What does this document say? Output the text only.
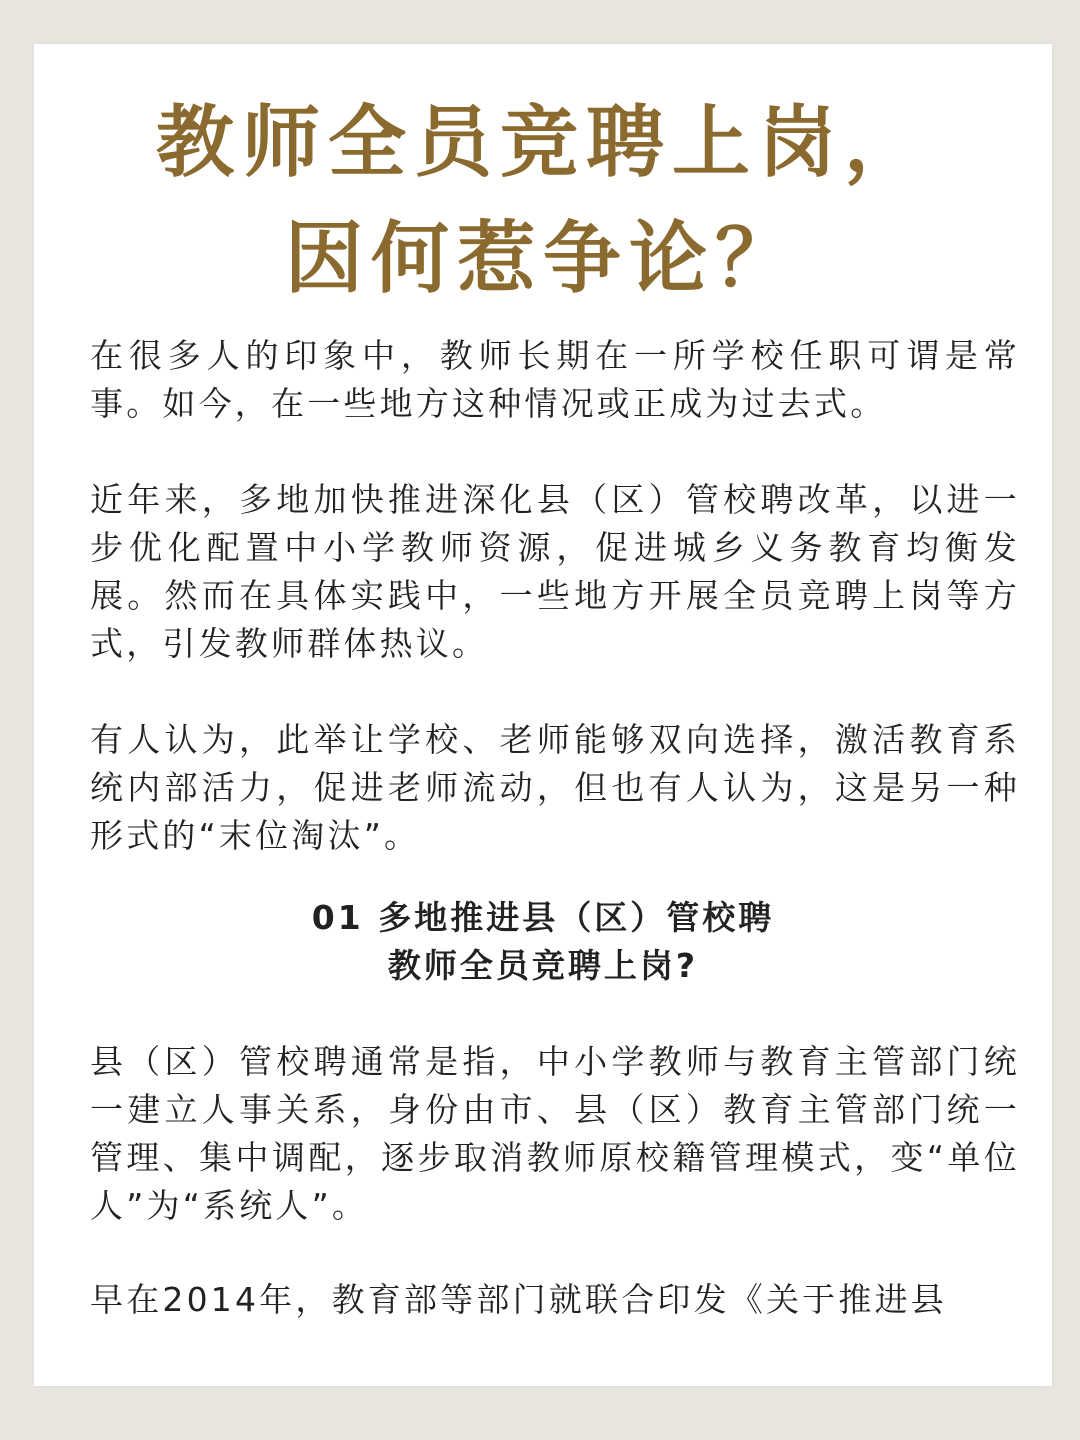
教师全员竞聘上岗，
因何惹争论？

在很多人的印象中，教师长期在一所学校任职可谓是常事。如今，在一些地方这种情况或正成为过去式。

近年来，多地加快推进深化县（区）管校聘改革，以进一步优化配置中小学教师资源，促进城乡义务教育均衡发展。然而在具体实践中，一些地方开展全员竞聘上岗等方式，引发教师群体热议。

有人认为，此举让学校、老师能够双向选择，激活教育系统内部活力，促进老师流动，但也有人认为，这是另一种形式的“末位淘汰”。

01 多地推进县（区）管校聘
教师全员竞聘上岗?

县（区）管校聘通常是指，中小学教师与教育主管部门统一建立人事关系，身份由市、县（区）教育主管部门统一管理、集中调配，逐步取消教师原校籍管理模式，变“单位人”为“系统人”。

早在2014年，教育部等部门就联合印发《关于推进县
